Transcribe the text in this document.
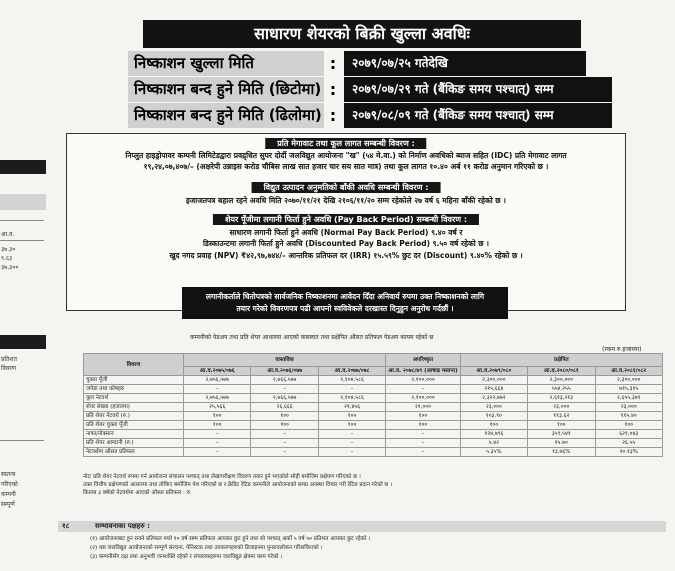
आ.व.
३७.३०
९.६३
३७,३००
प्रतिशत
विवरण
स्वतन्त्र
गरिएको
कम्पनी
सम्पूर्ण
साधारण शेयरको बिक्री खुल्ला अवधिः
निष्काशन खुल्ला मिति	:	२०७९/०७/२५ गतेदेखि
निष्काशन बन्द हुने मिति (छिटोमा) :	२०७९/०७/२९ गते (बैंकिङ समय पश्चात्) सम्म
निष्काशन बन्द हुने मिति (ढिलोमा) :	२०७९/०८/०९ गते (बैंकिङ समय पश्चात्) सम्म
प्रति मेगावाट तथा कूल लागत सम्बन्धी विवरण :
निप्लुत हाइड्रोपावर कम्पनी लिमिटेडद्वारा प्रवद्र्धित सुपर दोर्दी जलविद्युत आयोजना "ख" (५४ मे.वा.) को निर्माण अवधिको ब्याज सहित (IDC) प्रति मेगावाट लागत
१९,२४,०७,४०७/– (अक्षरेपी उन्नाइस करोड चौबिस लाख सात हजार चार सय सात मात्र) तथा कूल लागत १०.४० अर्ब ११ करोड अनुमान गरिएको छ ।
विद्युत उत्पादन अनुमतिको बाँकी अवधि सम्बन्धी विवरण :
इजाजतपत्र बहाल रहने अवधि मिति २०७०/११/२१ देखि २१०६/११/२० सम्म रहेकोले २७ वर्ष ६ महिना बाँकी रहेको छ ।
शेयर पूँजीमा लगानी फिर्ता हुने अवधि (Pay Back Period) सम्बन्धी विवरण :
साधारण लगानी फिर्ता हुने अवधि (Normal Pay Back Period) ९.४० वर्ष र
डिस्काउन्टमा लगानी फिर्ता हुने अवधि (Discounted Pay Back Period) ९.५० वर्ष रहेको छ ।
खुद नगद प्रवाह (NPV) ₹४२,९७,७४४/– आन्तरिक प्रतिफल दर (IRR) १५.५९% छुट दर (Discount) ९.४०% रहेको छ ।
लगानीकर्ताले धितोपत्रको सार्वजनिक निष्काशनमा आवेदन दिँदा अनिवार्य रुपमा उक्त निष्काशनको लागि
तयार गरेको विवरणपत्र पढी आफ्नो स्वविवेकले दरखास्त दिनुहुन अनुरोध गर्दछौं ।
कम्पनीको पेडअप तथा प्रति शेयर आधारमा आएको वासलात तथा प्रक्षेपित औसत प्रतिफल पेडअप कायम रहेको छ
(रकम रु.हजारमा)
विवरण	वास्तविक			अपरिष्कृत	प्रक्षेपित		
	आ.व.२०७५/०७६	आ.व.२०७६/०७७	आ.व.२०७७/०७८	आ.व. २०७८/७९ (आषाढ मसान्त)	आ.व.२०७९/०८०	आ.व.२०८०/०८१	आ.व.२०८१/०८२
चुक्ता पूँजी	२,७५६,५७७	२,७६६,५७७	२,१०४,५८६	२,१००,०००	२,३००,०००	२,३००,०००	२,३००,०००
जगेडा तथा कोषहरु	–	–	–	–	२१५,६६४	५५४,२५५	७१५,३१५
कूल नेटवर्थ	२,७५६,५७७	२,७६६,५७७	२,१०४,५८६	२,१००,०००	२,३२२,७७२	२,६१३,२१३	२,६५५,३७९
शेयर संख्या (हजारमा)	२५,५६६	२६,६६६	२१,४५६	२१,०००	२३,०००	२३,०००	२३,०००
प्रति शेयर नेटवर्थ (रु.)	१००	१००	१००	१००	१०३.९०	११३.६२	११५.४०
प्रति शेयर चुक्ता पूँजी	१००	१००	१००	१००	१००	१००	१००
नाफा/नोक्सान	–	–	–	–	१२४,७९६	३५९,५४१	६२१,०४३
प्रति शेयर आम्दानी (रु.)	–	–	–	–	५.४२	१५.७०	२६.५५
नेटवर्थमा औसत प्रतिफल	–	–	–	–	५.३५%	१३.७६%	२०.१३%
नोटः प्रति शेयर नेटवर्थ रुपमा गर्न आयोजना संचालन पश्चात् तथा लेखापरीक्षण विवरण तयार हुने भएकोले सोही बमोजिम प्रक्षेपण गरिएको छ ।
उक्त वित्तीय प्रक्षेपणको आधारमा तथा तोकिए बमोजिम पेश गरिएको छ र क्रेडिट रेटिङ कम्पनीले आयोजनाको समग्र अवस्था विचार गरी रेटिङ प्रदान गरेको छ ।
किताब ३ बर्षको नेटवर्थमा आएको औसत प्रतिफल : रु.
१८	सम्भावनाका पक्षहरु :
(१) आयोजनाबाट हुन सक्ने प्रतिफल मध्ये १० वर्ष सम्म प्रतिफल आयकर छुट हुने तथा सो पश्चात् अर्को ५ वर्ष ५० प्रतिशत आयकर छुट रहेको ।
(२) यस जलविद्युत आयोजनाको सम्पूर्ण संरचना, पेनिस्टक तथा उपकरणहरुको डिजाइनमा पुनरावलोकन गरिसकिएको ।
(३) कम्पनीसँग दक्ष तथा अनुभवी जनशक्ति रहेको र संचालकहरुमा जलविद्युत क्षेत्रमा काम गरेको ।
